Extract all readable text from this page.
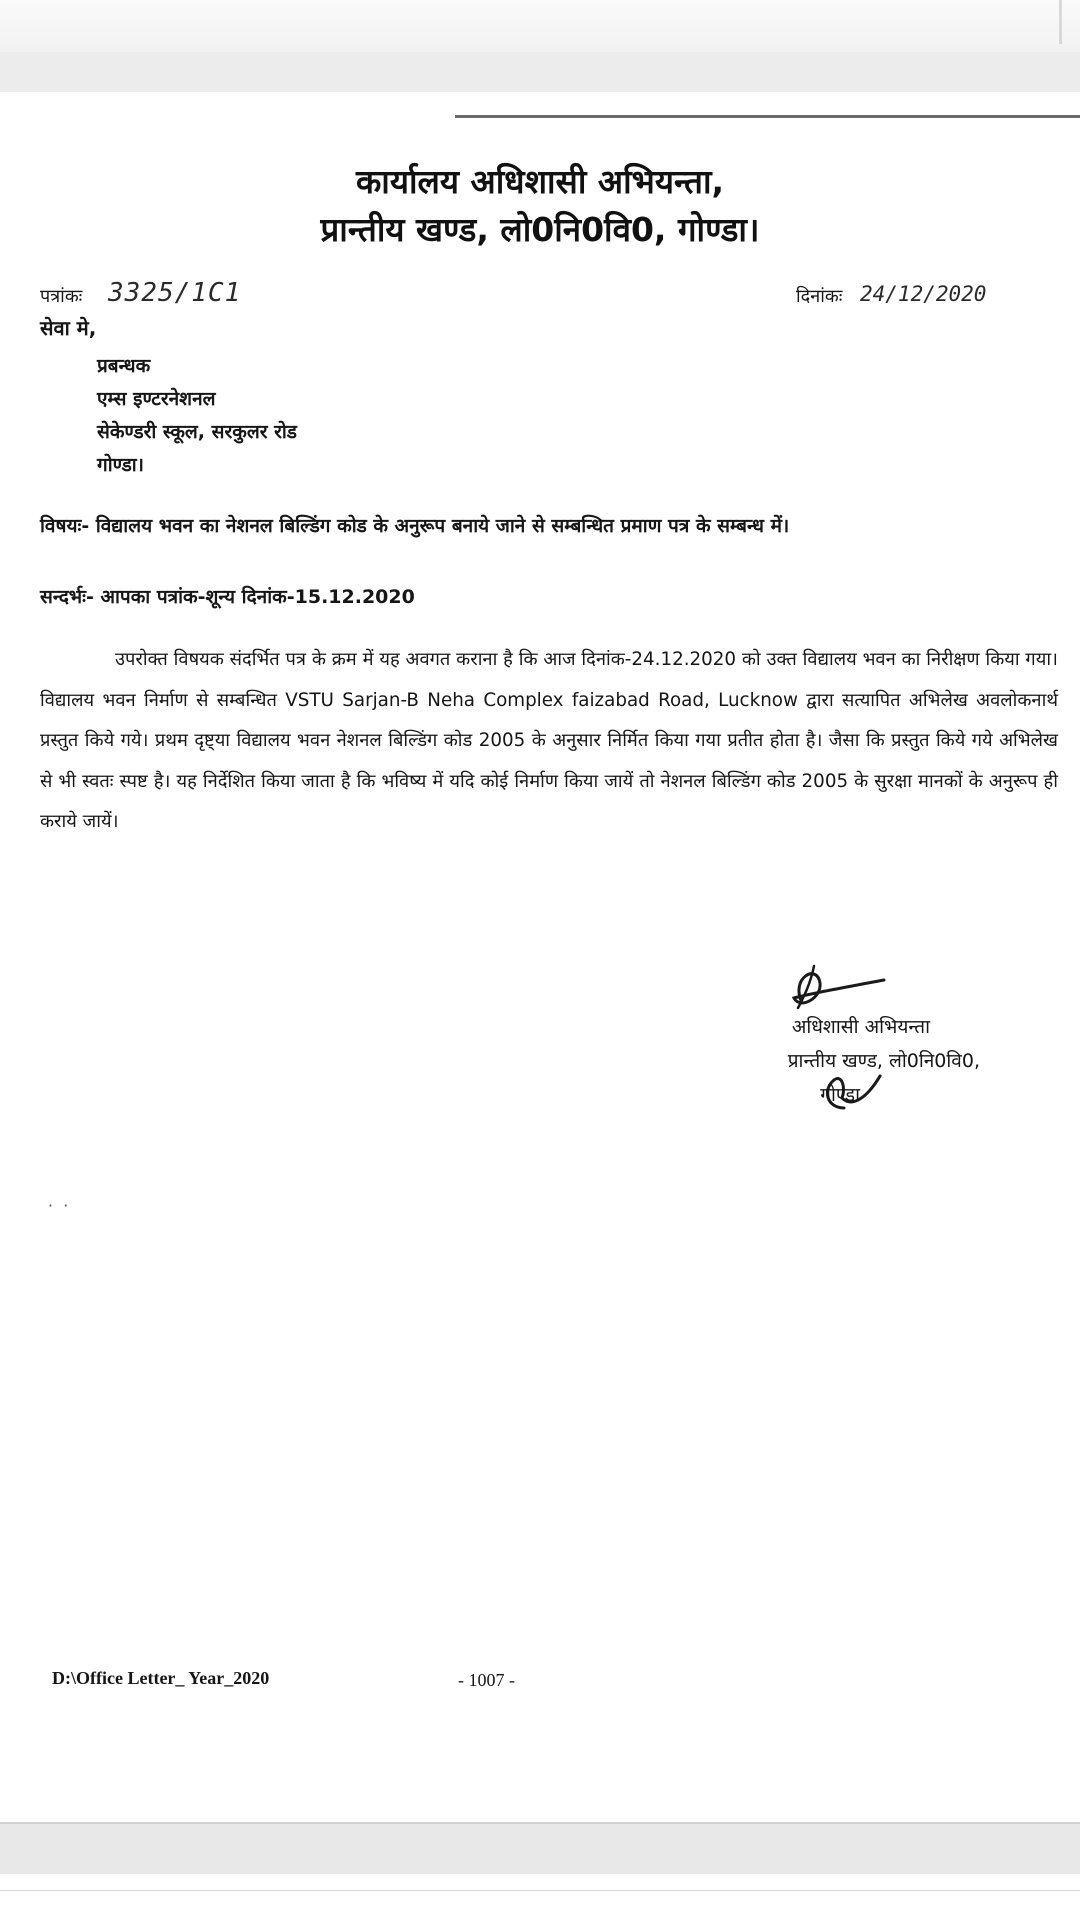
कार्यालय अधिशासी अभियन्ता,
प्रान्तीय खण्ड, लो0नि0वि0, गोण्डा।
पत्रांकः 3325/1C1	दिनांकः 24/12/2020
सेवा मे,
प्रबन्धक
एम्स इण्टरनेशनल
सेकेण्डरी स्कूल, सरकुलर रोड
गोण्डा।
विषयः- विद्यालय भवन का नेशनल बिल्डिंग कोड के अनुरूप बनाये जाने से सम्बन्धित प्रमाण पत्र के सम्बन्ध में।
सन्दर्भः- आपका पत्रांक-शून्य दिनांक-15.12.2020
उपरोक्त विषयक संदर्भित पत्र के क्रम में यह अवगत कराना है कि आज दिनांक-24.12.2020 को उक्त विद्यालय भवन का निरीक्षण किया गया। विद्यालय भवन निर्माण से सम्बन्धित VSTU Sarjan-B Neha Complex faizabad Road, Lucknow द्वारा सत्यापित अभिलेख अवलोकनार्थ प्रस्तुत किये गये। प्रथम दृष्ट्या विद्यालय भवन नेशनल बिल्डिंग कोड 2005 के अनुसार निर्मित किया गया प्रतीत होता है। जैसा कि प्रस्तुत किये गये अभिलेख से भी स्वतः स्पष्ट है। यह निर्देशित किया जाता है कि भविष्य में यदि कोई निर्माण किया जायें तो नेशनल बिल्डिंग कोड 2005 के सुरक्षा मानकों के अनुरूप ही कराये जायें।
अधिशासी अभियन्ता
प्रान्तीय खण्ड, लो0नि0वि0,
गोण्डा
·  ·
D:\Office Letter_ Year_2020	- 1007 -
